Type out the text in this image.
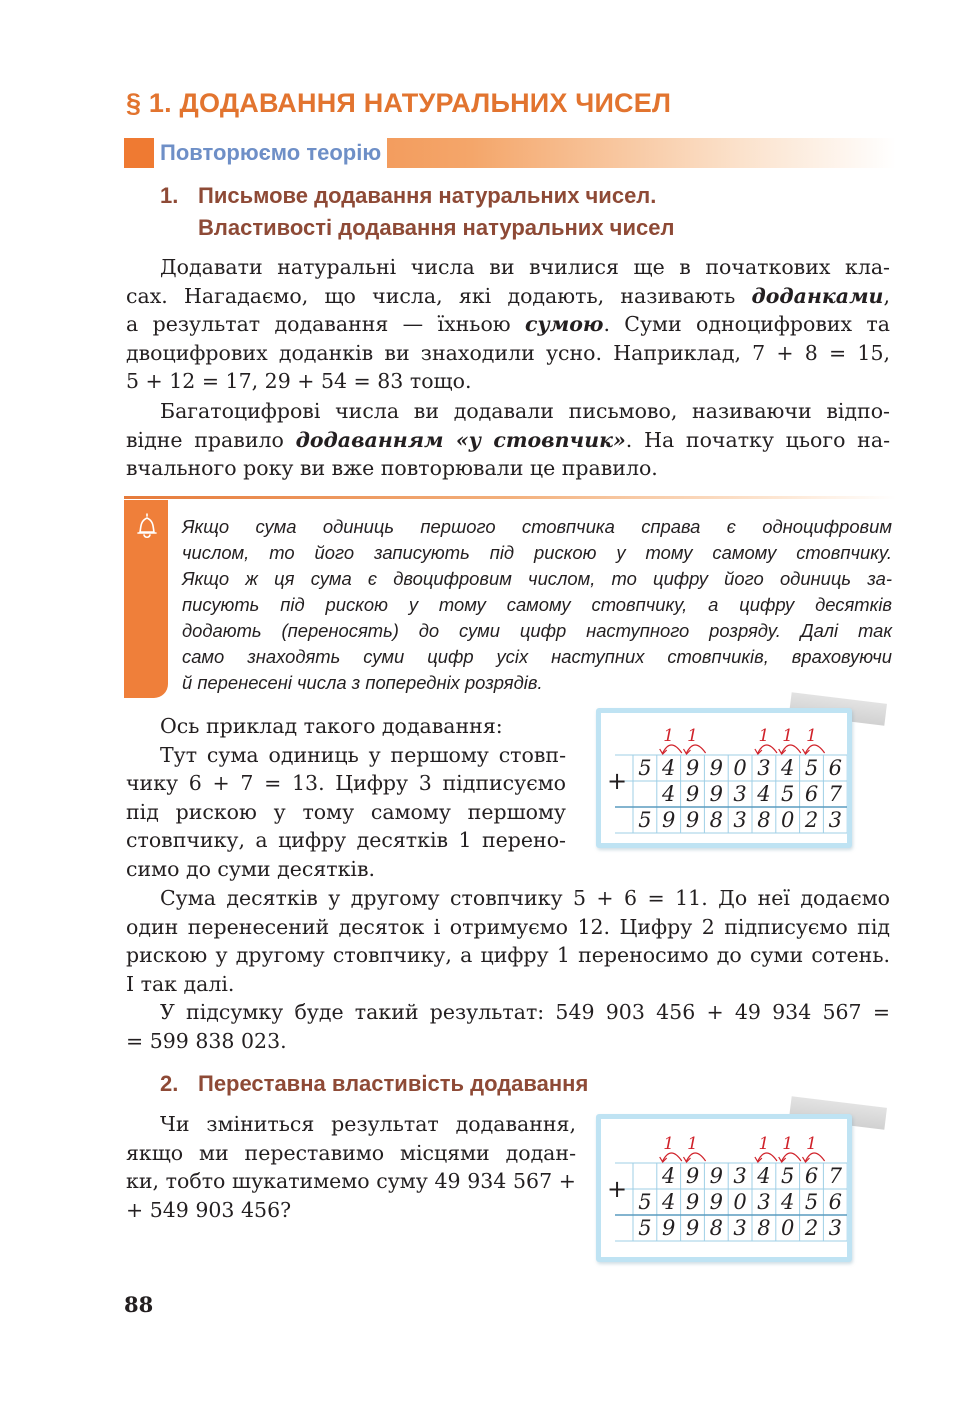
§ 1. ДОДАВАННЯ НАТУРАЛЬНИХ ЧИСЕЛ
Повторюємо теорію
1. Письмове додавання натуральних чисел.
Властивості додавання натуральних чисел
Додавати натуральні числа ви вчилися ще в початкових кла-
сах. Нагадаємо, що числа, які додають, називають доданками,
а результат додавання — їхньою сумою. Суми одноцифрових та
двоцифрових доданків ви знаходили усно. Наприклад, 7 + 8 = 15,
5 + 12 = 17, 29 + 54 = 83 тощо.
Багатоцифрові числа ви додавали письмово, називаючи відпо-
відне правило додаванням «у стовпчик». На початку цього на-
вчального року ви вже повторювали це правило.
Якщо сума одиниць першого стовпчика справа є одноцифровим
числом, то його записують під рискою у тому самому стовпчику.
Якщо ж ця сума є двоцифровим числом, то цифру його одиниць за-
писують під рискою у тому самому стовпчику, а цифру десятків
додають (переносять) до суми цифр наступного розряду. Далі так
само знаходять суми цифр усіх наступних стовпчиків, враховуючи
й перенесені числа з попередніх розрядів.
Ось приклад такого додавання:
Тут сума одиниць у першому стовп-
чику 6 + 7 = 13. Цифру 3 підписуємо
під рискою у тому самому першому
стовпчику, а цифру десятків 1 перено-
симо до суми десятків.
+ 5 4 9 9 0 3 4 5 6
4 9 9 3 4 5 6 7
5 9 9 8 3 8 0 2 3
1 1	1 1 1
Сума десятків у другому стовпчику 5 + 6 = 11. До неї додаємо
один перенесений десяток і отримуємо 12. Цифру 2 підписуємо під
рискою у другому стовпчику, а цифру 1 переносимо до суми сотень.
І так далі.
У підсумку буде такий результат: 549 903 456 + 49 934 567 =
= 599 838 023.
2. Переставна властивість додавання
Чи зміниться результат додавання,
якщо ми переставимо місцями додан-
ки, тобто шукатимемо суму 49 934 567 +
+ 549 903 456?
+ 4 9 9 3 4 5 6 7
5 4 9 9 0 3 4 5 6
5 9 9 8 3 8 0 2 3
1 1	1 1 1
88
